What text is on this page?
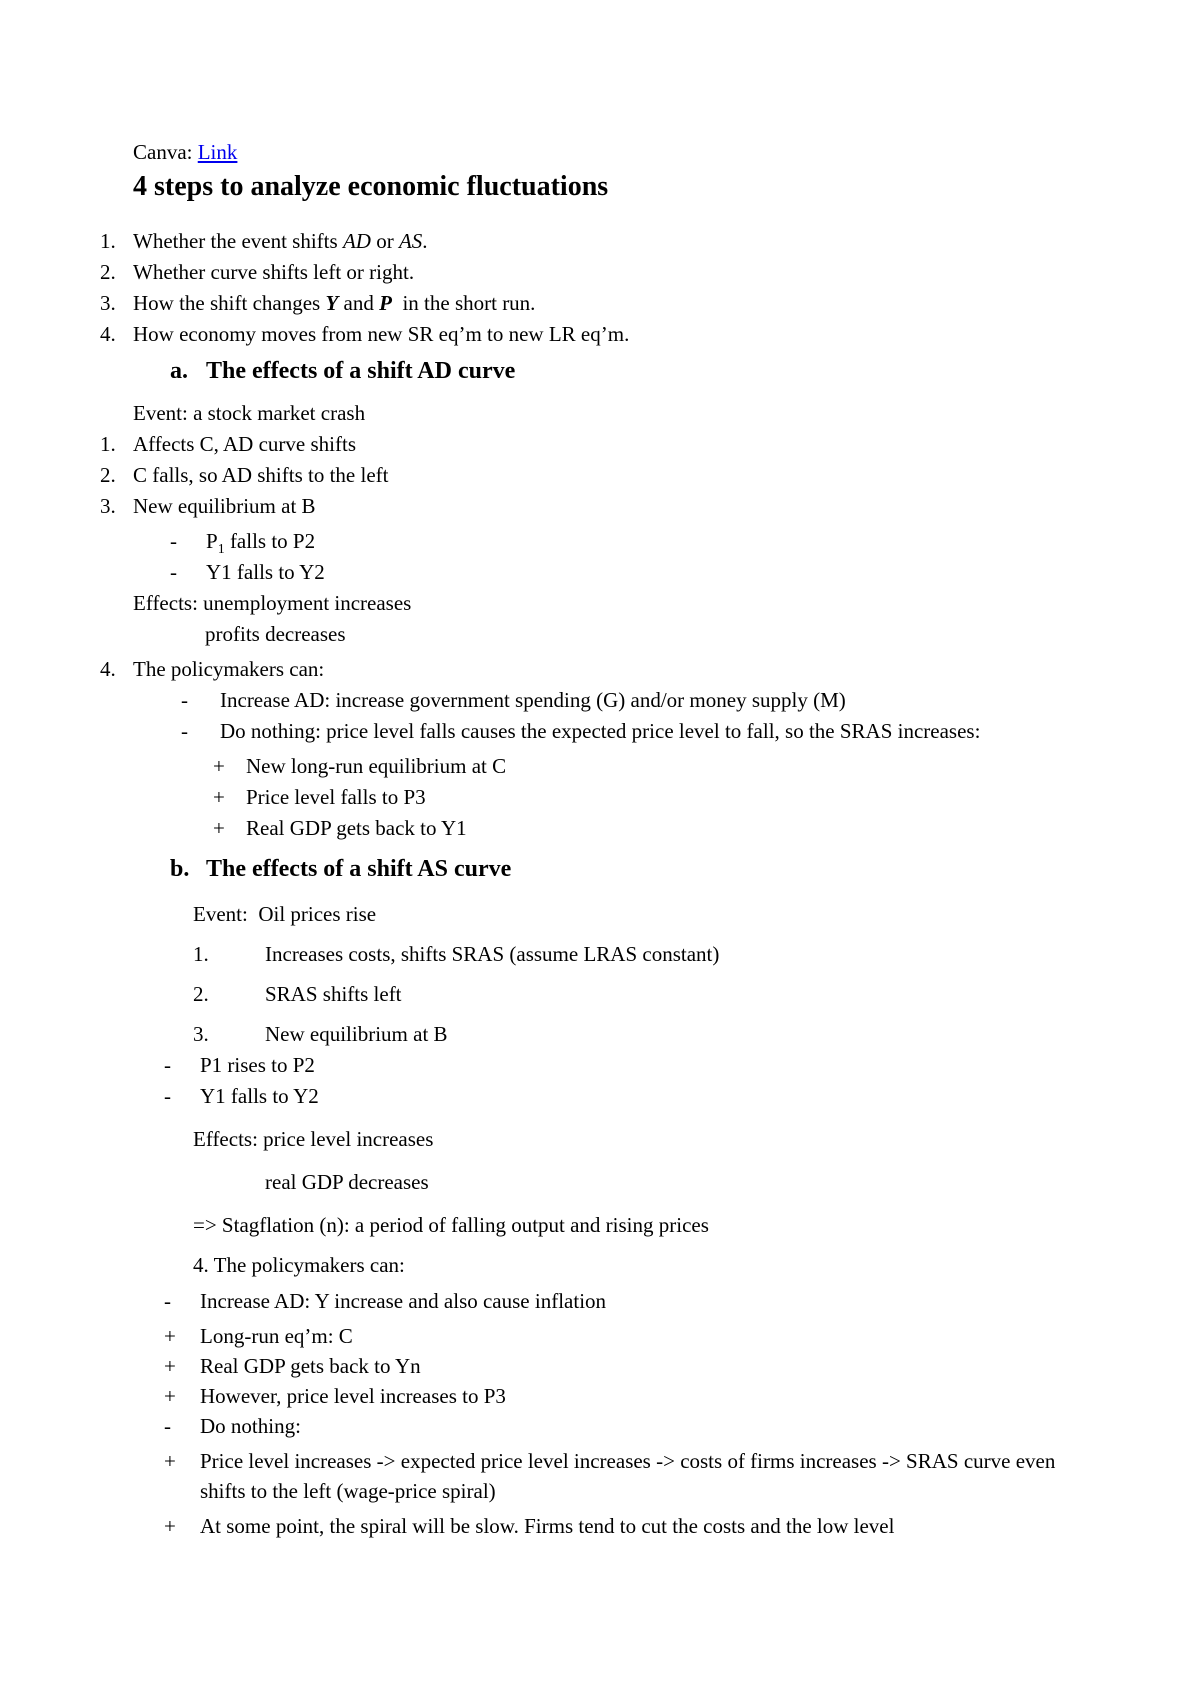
Canva: Link
4 steps to analyze economic fluctuations
1. Whether the event shifts AD or AS.
2. Whether curve shifts left or right.
3. How the shift changes Y and P  in the short run.
4. How economy moves from new SR eq’m to new LR eq’m.
a. The effects of a shift AD curve
Event: a stock market crash
1. Affects C, AD curve shifts
2. C falls, so AD shifts to the left
3. New equilibrium at B
-	$P_1$ falls to P2
-	Y1 falls to Y2
Effects: unemployment increases
profits decreases
4. The policymakers can:
-	Increase AD: increase government spending (G) and/or money supply (M)
-	Do nothing: price level falls causes the expected price level to fall, so the SRAS increases:
+	New long-run equilibrium at C
+	Price level falls to P3
+	Real GDP gets back to Y1
b. The effects of a shift AS curve
Event:  Oil prices rise
1.	Increases costs, shifts SRAS (assume LRAS constant)
2.	SRAS shifts left
3.	New equilibrium at B
-	P1 rises to P2
-	Y1 falls to Y2
Effects: price level increases
real GDP decreases
=> Stagflation (n): a period of falling output and rising prices
4. The policymakers can:
-	Increase AD: Y increase and also cause inflation
+	Long-run eq’m: C
+	Real GDP gets back to Yn
+	However, price level increases to P3
-	Do nothing:
+	Price level increases -> expected price level increases -> costs of firms increases -> SRAS curve even shifts to the left (wage-price spiral)
+	At some point, the spiral will be slow. Firms tend to cut the costs and the low level
